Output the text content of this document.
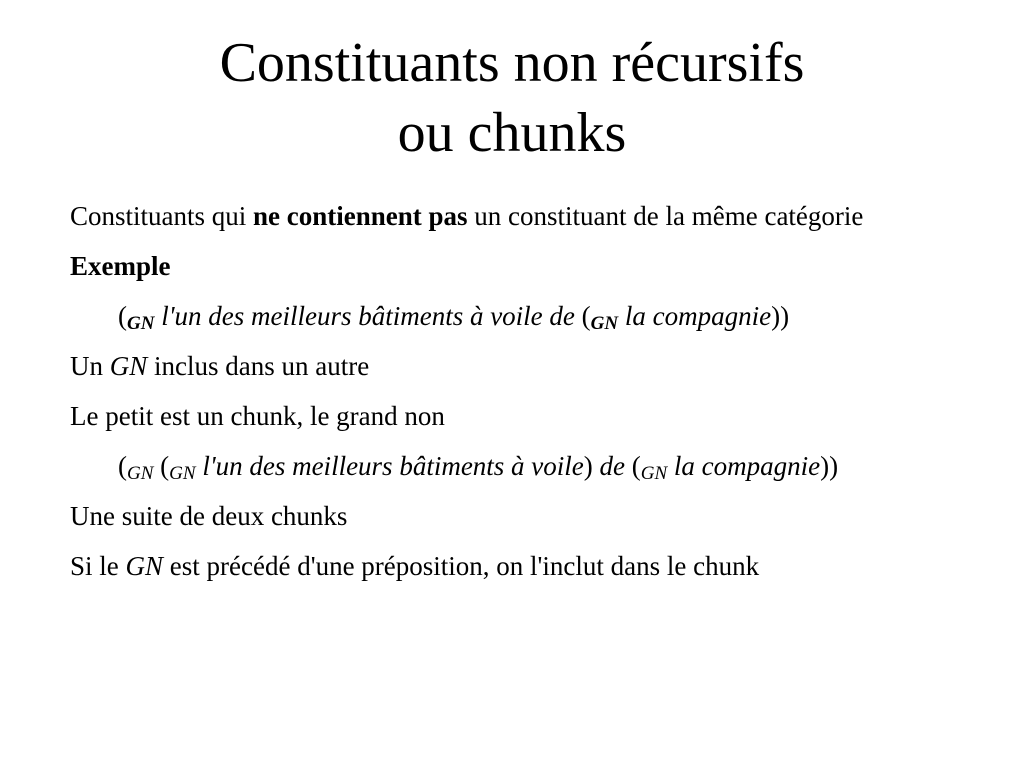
Constituants non récursifs
ou chunks

Constituants qui ne contiennent pas un constituant de la même catégorie

Exemple

($_{GN}$ l'un des meilleurs bâtiments à voile de ($_{GN}$ la compagnie))

Un GN inclus dans un autre

Le petit est un chunk, le grand non

($_{GN}$ ($_{GN}$ l'un des meilleurs bâtiments à voile) de ($_{GN}$ la compagnie))

Une suite de deux chunks

Si le GN est précédé d'une préposition, on l'inclut dans le chunk
